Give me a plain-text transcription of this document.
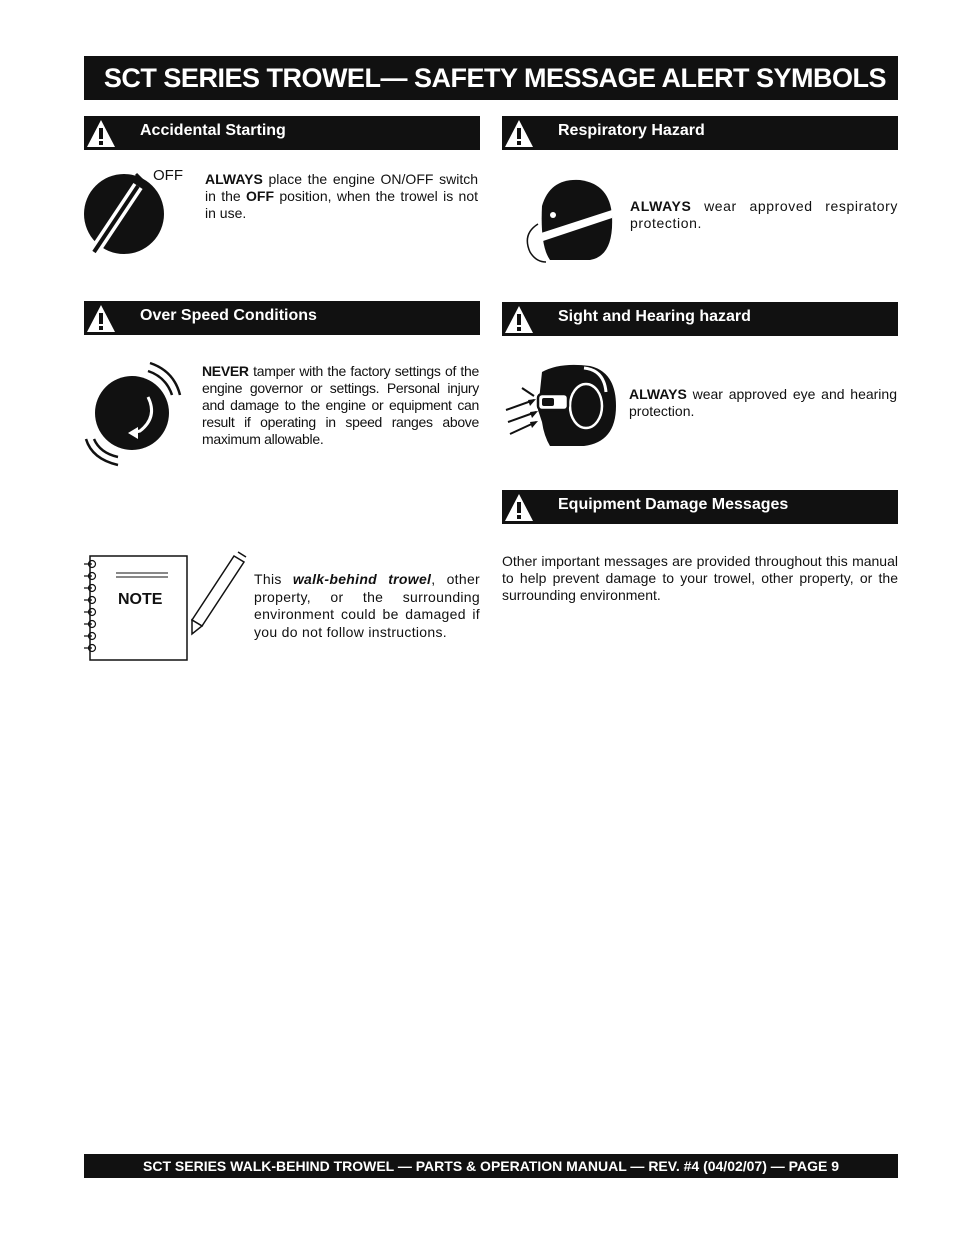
SCT SERIES TROWEL— SAFETY MESSAGE ALERT SYMBOLS
Accidental Starting
OFF ALWAYS place the engine ON/OFF switch in the OFF position, when the trowel is not in use.
Respiratory Hazard
ALWAYS wear approved respiratory protection.
Over Speed Conditions
NEVER tamper with the factory settings of the engine governor or settings. Personal injury and damage to the engine or equipment can result if operating in speed ranges above maximum allowable.
Sight and Hearing hazard
ALWAYS wear approved eye and hearing protection.
Equipment Damage Messages
Other important messages are provided throughout this manual to help prevent damage to your trowel, other property, or the surrounding environment.
NOTE
This walk-behind trowel, other property, or the surrounding environment could be damaged if you do not follow instructions.
SCT SERIES WALK-BEHIND TROWEL — PARTS & OPERATION MANUAL — REV. #4 (04/02/07) — PAGE 9
